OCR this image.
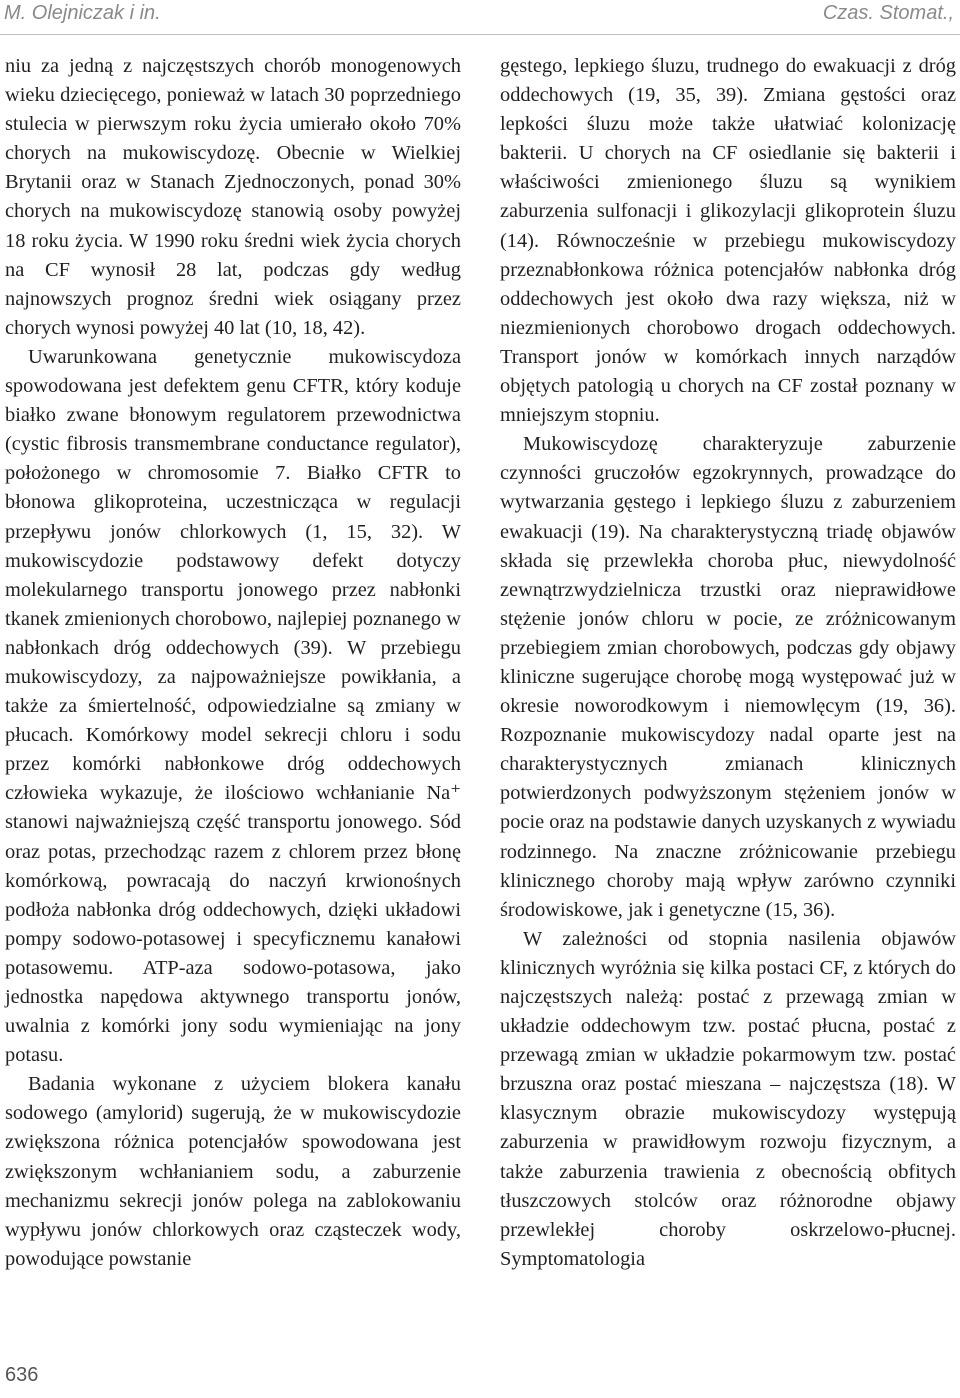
M. Olejniczak i in.	Czas. Stomat.,

niu za jedną z najczęstszych chorób monogenowych wieku dziecięcego, ponieważ w latach 30 poprzedniego stulecia w pierwszym roku życia umierało około 70% chorych na mukowiscydozę. Obecnie w Wielkiej Brytanii oraz w Stanach Zjednoczonych, ponad 30% chorych na mukowiscydozę stanowią osoby powyżej 18 roku życia. W 1990 roku średni wiek życia chorych na CF wynosił 28 lat, podczas gdy według najnowszych prognoz średni wiek osiągany przez chorych wynosi powyżej 40 lat (10, 18, 42).

Uwarunkowana genetycznie mukowiscydoza spowodowana jest defektem genu CFTR, który koduje białko zwane błonowym regulatorem przewodnictwa (cystic fibrosis transmembrane conductance regulator), położonego w chromosomie 7. Białko CFTR to błonowa glikoproteina, uczestnicząca w regulacji przepływu jonów chlorkowych (1, 15, 32). W mukowiscydozie podstawowy defekt dotyczy molekularnego transportu jonowego przez nabłonki tkanek zmienionych chorobowo, najlepiej poznanego w nabłonkach dróg oddechowych (39). W przebiegu mukowiscydozy, za najpoważniejsze powikłania, a także za śmiertelność, odpowiedzialne są zmiany w płucach. Komórkowy model sekrecji chloru i sodu przez komórki nabłonkowe dróg oddechowych człowieka wykazuje, że ilościowo wchłanianie Na⁺ stanowi najważniejszą część transportu jonowego. Sód oraz potas, przechodząc razem z chlorem przez błonę komórkową, powracają do naczyń krwionośnych podłoża nabłonka dróg oddechowych, dzięki układowi pompy sodowo-potasowej i specyficznemu kanałowi potasowemu. ATP-aza sodowo-potasowa, jako jednostka napędowa aktywnego transportu jonów, uwalnia z komórki jony sodu wymieniając na jony potasu.

Badania wykonane z użyciem blokera kanału sodowego (amylorid) sugerują, że w mukowiscydozie zwiększona różnica potencjałów spowodowana jest zwiększonym wchłanianiem sodu, a zaburzenie mechanizmu sekrecji jonów polega na zablokowaniu wypływu jonów chlorkowych oraz cząsteczek wody, powodujące powstanie

gęstego, lepkiego śluzu, trudnego do ewakuacji z dróg oddechowych (19, 35, 39). Zmiana gęstości oraz lepkości śluzu może także ułatwiać kolonizację bakterii. U chorych na CF osiedlanie się bakterii i właściwości zmienionego śluzu są wynikiem zaburzenia sulfonacji i glikozylacji glikoprotein śluzu (14). Równocześnie w przebiegu mukowiscydozy przeznabłonkowa różnica potencjałów nabłonka dróg oddechowych jest około dwa razy większa, niż w niezmienionych chorobowo drogach oddechowych. Transport jonów w komórkach innych narządów objętych patologią u chorych na CF został poznany w mniejszym stopniu.

Mukowiscydozę charakteryzuje zaburzenie czynności gruczołów egzokrynnych, prowadzące do wytwarzania gęstego i lepkiego śluzu z zaburzeniem ewakuacji (19). Na charakterystyczną triadę objawów składa się przewlekła choroba płuc, niewydolność zewnątrzwydzielnicza trzustki oraz nieprawidłowe stężenie jonów chloru w pocie, ze zróżnicowanym przebiegiem zmian chorobowych, podczas gdy objawy kliniczne sugerujące chorobę mogą występować już w okresie noworodkowym i niemowlęcym (19, 36). Rozpoznanie mukowiscydozy nadal oparte jest na charakterystycznych zmianach klinicznych potwierdzonych podwyższonym stężeniem jonów w pocie oraz na podstawie danych uzyskanych z wywiadu rodzinnego. Na znaczne zróżnicowanie przebiegu klinicznego choroby mają wpływ zarówno czynniki środowiskowe, jak i genetyczne (15, 36).

W zależności od stopnia nasilenia objawów klinicznych wyróżnia się kilka postaci CF, z których do najczęstszych należą: postać z przewagą zmian w układzie oddechowym tzw. postać płucna, postać z przewagą zmian w układzie pokarmowym tzw. postać brzuszna oraz postać mieszana – najczęstsza (18). W klasycznym obrazie mukowiscydozy występują zaburzenia w prawidłowym rozwoju fizycznym, a także zaburzenia trawienia z obecnością obfitych tłuszczowych stolców oraz różnorodne objawy przewlekłej choroby oskrzelowo-płucnej. Symptomatologia

636
